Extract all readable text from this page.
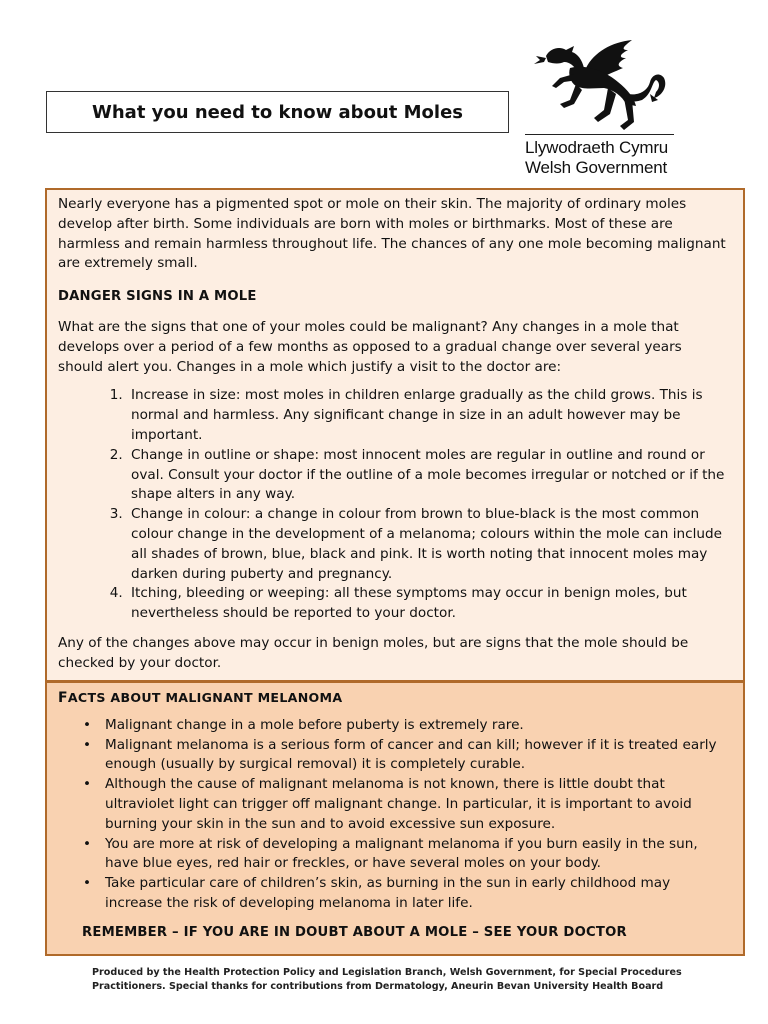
What you need to know about Moles
Llywodraeth Cymru
Welsh Government

Nearly everyone has a pigmented spot or mole on their skin. The majority of ordinary moles develop after birth. Some individuals are born with moles or birthmarks. Most of these are harmless and remain harmless throughout life. The chances of any one mole becoming malignant are extremely small.

DANGER SIGNS IN A MOLE

What are the signs that one of your moles could be malignant? Any changes in a mole that develops over a period of a few months as opposed to a gradual change over several years should alert you. Changes in a mole which justify a visit to the doctor are:

1. Increase in size: most moles in children enlarge gradually as the child grows. This is normal and harmless. Any significant change in size in an adult however may be important.
2. Change in outline or shape: most innocent moles are regular in outline and round or oval. Consult your doctor if the outline of a mole becomes irregular or notched or if the shape alters in any way.
3. Change in colour: a change in colour from brown to blue-black is the most common colour change in the development of a melanoma; colours within the mole can include all shades of brown, blue, black and pink. It is worth noting that innocent moles may darken during puberty and pregnancy.
4. Itching, bleeding or weeping: all these symptoms may occur in benign moles, but nevertheless should be reported to your doctor.

Any of the changes above may occur in benign moles, but are signs that the mole should be checked by your doctor.

FACTS ABOUT MALIGNANT MELANOMA

• Malignant change in a mole before puberty is extremely rare.
• Malignant melanoma is a serious form of cancer and can kill; however if it is treated early enough (usually by surgical removal) it is completely curable.
• Although the cause of malignant melanoma is not known, there is little doubt that ultraviolet light can trigger off malignant change. In particular, it is important to avoid burning your skin in the sun and to avoid excessive sun exposure.
• You are more at risk of developing a malignant melanoma if you burn easily in the sun, have blue eyes, red hair or freckles, or have several moles on your body.
• Take particular care of children’s skin, as burning in the sun in early childhood may increase the risk of developing melanoma in later life.

REMEMBER – IF YOU ARE IN DOUBT ABOUT A MOLE – SEE YOUR DOCTOR

Produced by the Health Protection Policy and Legislation Branch, Welsh Government, for Special Procedures
Practitioners. Special thanks for contributions from Dermatology, Aneurin Bevan University Health Board
